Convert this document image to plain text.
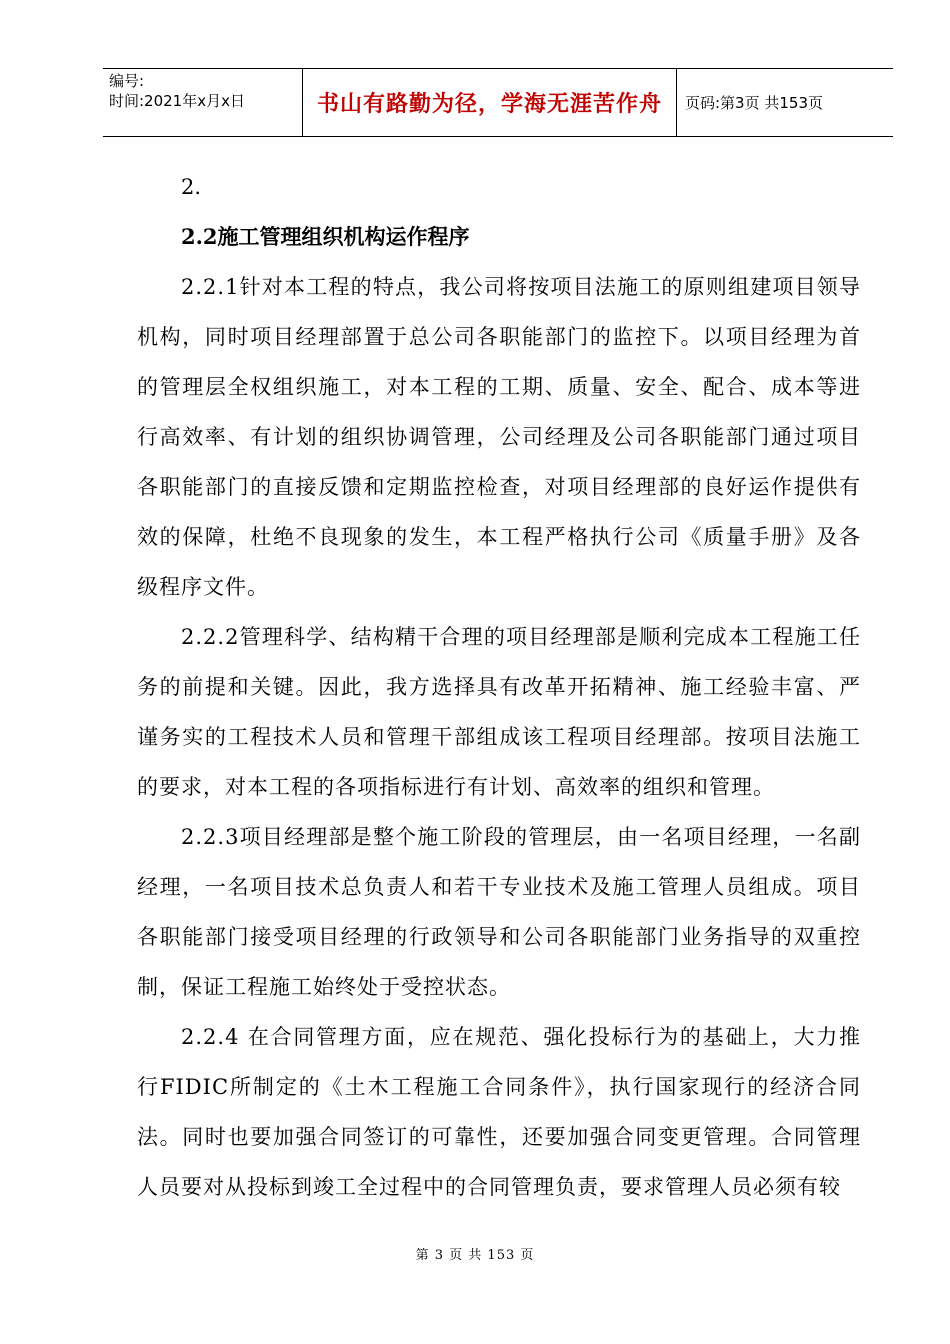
编号:
时间:2021年x月x日	书山有路勤为径，学海无涯苦作舟	页码:第3页 共153页

2.

2.2施工管理组织机构运作程序

2.2.1针对本工程的特点，我公司将按项目法施工的原则组建项目领导机构，同时项目经理部置于总公司各职能部门的监控下。以项目经理为首的管理层全权组织施工，对本工程的工期、质量、安全、配合、成本等进行高效率、有计划的组织协调管理，公司经理及公司各职能部门通过项目各职能部门的直接反馈和定期监控检查，对项目经理部的良好运作提供有效的保障，杜绝不良现象的发生，本工程严格执行公司《质量手册》及各级程序文件。

2.2.2管理科学、结构精干合理的项目经理部是顺利完成本工程施工任务的前提和关键。因此，我方选择具有改革开拓精神、施工经验丰富、严谨务实的工程技术人员和管理干部组成该工程项目经理部。按项目法施工的要求，对本工程的各项指标进行有计划、高效率的组织和管理。

2.2.3项目经理部是整个施工阶段的管理层，由一名项目经理，一名副经理，一名项目技术总负责人和若干专业技术及施工管理人员组成。项目各职能部门接受项目经理的行政领导和公司各职能部门业务指导的双重控制，保证工程施工始终处于受控状态。

2.2.4 在合同管理方面，应在规范、强化投标行为的基础上，大力推行FIDIC所制定的《土木工程施工合同条件》，执行国家现行的经济合同法。同时也要加强合同签订的可靠性，还要加强合同变更管理。合同管理人员要对从投标到竣工全过程中的合同管理负责，要求管理人员必须有较

第 3 页 共 153 页
